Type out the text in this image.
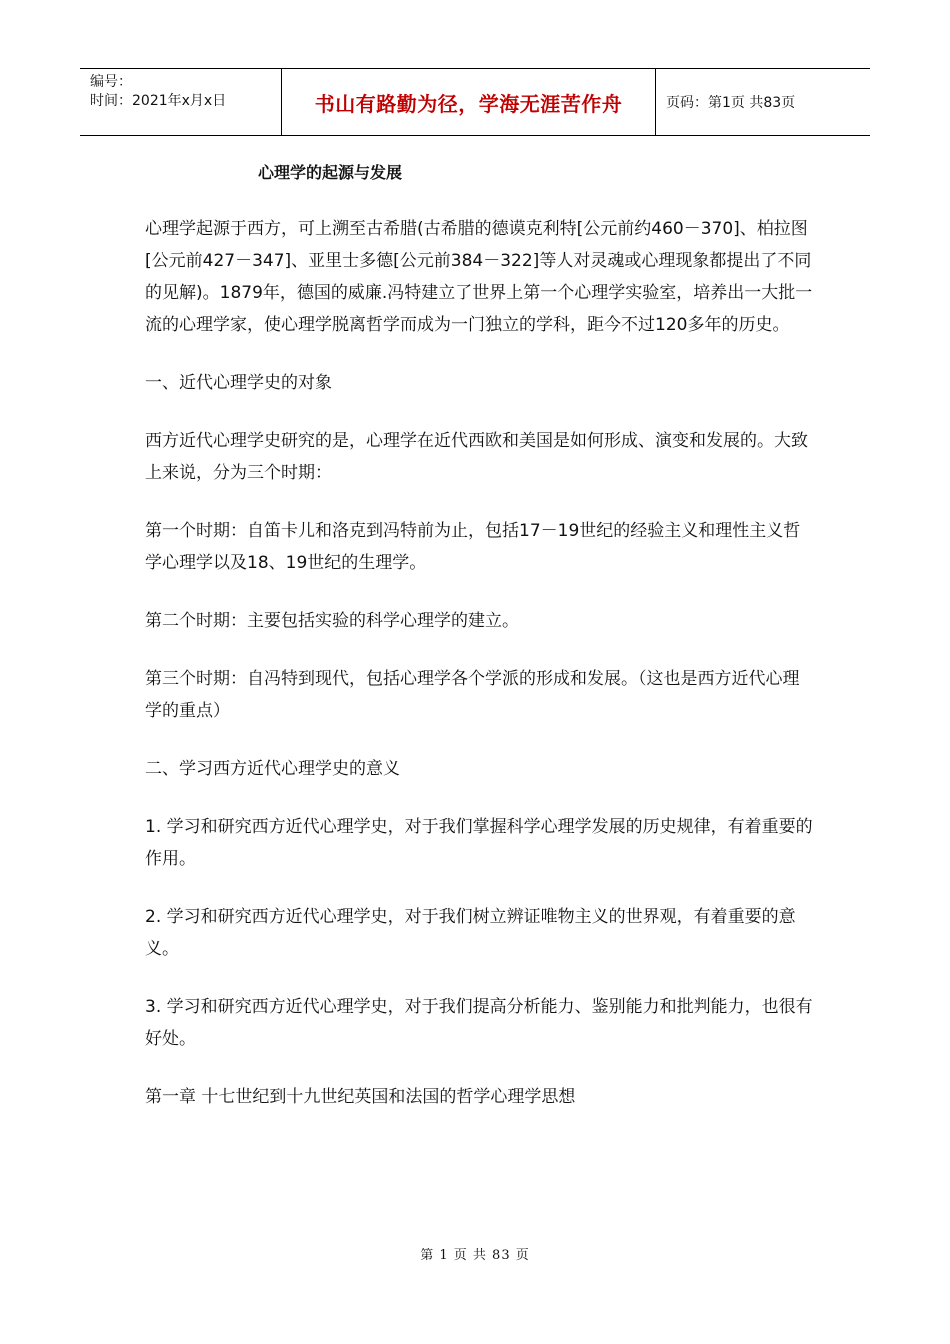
编号：
时间：2021年x月x日	书山有路勤为径，学海无涯苦作舟	页码：第1页 共83页
心理学的起源与发展

心理学起源于西方，可上溯至古希腊(古希腊的德谟克利特[公元前约460－370]、柏拉图[公元前427－347]、亚里士多德[公元前384－322]等人对灵魂或心理现象都提出了不同的见解)。1879年，德国的威廉.冯特建立了世界上第一个心理学实验室，培养出一大批一流的心理学家，使心理学脱离哲学而成为一门独立的学科，距今不过120多年的历史。

一、近代心理学史的对象

西方近代心理学史研究的是，心理学在近代西欧和美国是如何形成、演变和发展的。大致上来说，分为三个时期：

第一个时期：自笛卡儿和洛克到冯特前为止，包括17－19世纪的经验主义和理性主义哲学心理学以及18、19世纪的生理学。

第二个时期：主要包括实验的科学心理学的建立。

第三个时期：自冯特到现代，包括心理学各个学派的形成和发展。（这也是西方近代心理学的重点）

二、学习西方近代心理学史的意义

1. 学习和研究西方近代心理学史，对于我们掌握科学心理学发展的历史规律，有着重要的作用。

2. 学习和研究西方近代心理学史，对于我们树立辨证唯物主义的世界观，有着重要的意义。

3. 学习和研究西方近代心理学史，对于我们提高分析能力、鉴别能力和批判能力，也很有好处。

第一章 十七世纪到十九世纪英国和法国的哲学心理学思想

第 1 页 共 83 页
